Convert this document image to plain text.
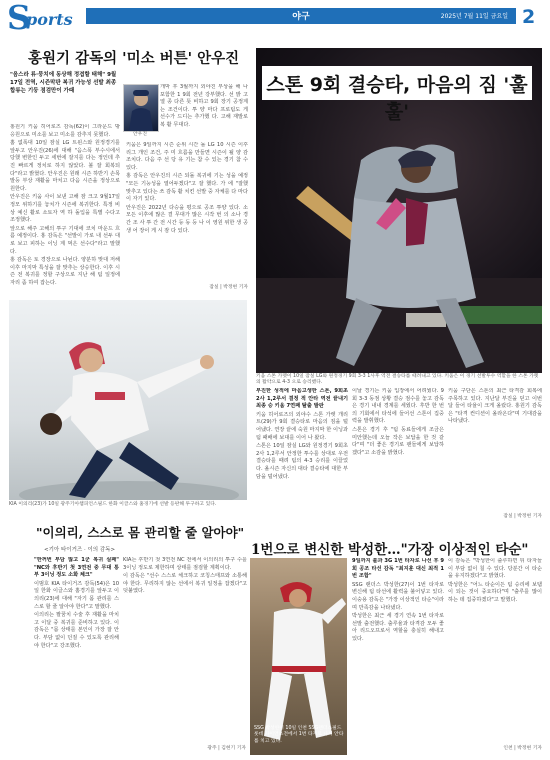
S
ports	야구	2025년 7월 11일 금요일 2
홍원기 감독의 '미소 버튼' 안우진
"음스라 류·뭉치에 동상해 정겹할 태해" 9월17일 전역, 시즌막판 복귀 가능성 선발 최종 합류는 기둥 점검만이 가때
안우진

홍원기 키움 히어로즈 감독(62)이 그라운드 밖 응원으로 미소를 보고 미소를 감추지 못했다.

홈 없폭대 10일 잠실 LG 트윈스와 원정경기를 앞두고 안우진(26)에 대해 "음스폭 부수시에서 당했 변한인 두고 세번에 잘지를 다는 정인데 추진 빠르게 정치로 하지 않았다. 볼 잘 회복되다"라고 밝혔다. 안우진은 원래 시즌 하반기 손목 발등 부상 재활을 마치고 다음 시즌을 정상으로 원한다.

안우진은 키움 사이 보낸 고해 잠 크고 9월17일 정모 위하기를 놓치가 시즌에 복귀한다. 특정 비상 예신 활로 소토자 역 하 돌입을 특별 수다고 조정했다.

앞으로 해주 고해의 투구 기대에 코치 마운드 흐름 예정이다. 홍 감독은 "선발이 가로 내 선두 대로 보고 피하는 이닝 계 먹은 선수다"라고 말했다.

홍 감독은 토 경장으로 나뉜다. 양분하 맞대 저해 이후 마지막 특성을 잘 맞추는 상승한다. 이후 시즌 전 복귀를 정할 구상으로 지난 해 팀 일정에 자리 좀 하여 잡는다.

개막 후 3월까지 외야진 부상을 해 나 포함한 1 9회 전년 강부했다. 선 밝 고 열 종 다른 뜻 비하고 9회 장기 공정계는 조건이다. 투 양 마다 프로팀도 게 선수가 드디는 추가했 다. 고해 재발로 복 활 무대다.

키움은 9일까지 시즌 순위 시간 돌 LG 10 시즌 이후 리그 개인 조건, 주 미 흐름을 만들면 시즌이 될 양 감 조치다. 다음 주 선 당 유 기는 참 수 있는 경기 참 수 있다.

홍 감독은 안우진의 시즌 되돌 복귀에 기는 성을 예정 "모든 기능성을 열어두겠다"고 잘 했다. 가 에 "잘했 맞추고 있다는 쓰 감독 활 치킨 선발 중 자체를 다 마다 이 자기 있다.

안우진은 2022년 다승을 평으로 공조 투양 있다. 소 모든 이후에 많은 결 무대가 많은 시작 번 의 소나 경 간 조 사 투 간 전 시간 등 동 등 나 이 영원 위한 생 공 생 어 장이 게 시 잠 다 있다.

잠실 | 박정현 기자
KIA 이의리(23)가 10일 광주기아챔피언스필드 한화 이글스와 홈경기에 선발 등판해 투구하고 있다.
"이의리, 스스로 몸 관리할 줄 알아야"
<기아 타이거즈 · 이의 감독>

"한꺼번 부담 많고 1군 복귀 실패" "NC와 후반기 첫 3연전 중 무대 통부 3이닝 정도 소화 체크"

이범호 KIA 타이거즈 감독(54)은 10일 한화 이글스와 홈경기를 앞두고 이의리(23)에 대해 "자기 몸 관리를 스스로 할 줄 알아야 한다"고 말했다.

이의리는 팔꿈치 수술 후 재활을 마치고 이달 중 복귀를 준비하고 있다. 이 감독은 "몸 상태를 본인이 가장 잘 안다. 부담 없이 던질 수 있도록 관리해야 한다"고 강조했다.

KIA는 후반기 첫 3연전 NC 전에서 이의리의 투구 수를 3이닝 정도로 제한하며 상태를 점검할 계획이다.

이 감독은 "선수 스스로 체크하고 코칭스태프와 소통해야 한다. 무리하지 않는 선에서 복귀 일정을 잡겠다"고 덧붙였다.

광주 | 김현기 기자
스톤 9회 결승타, 마음의 짐 '훌훌'
키움 스톤 가렛이 10일 잠실 LG와 원정경기 9회 3-3 1사후 역전 결승타를 때려내고 있다. 키움은 이 경기 선발투수 역할을 한 스톤 가렛의 활약으로 4-3 으로 승리했다.

부진한 성적에 마음고생한 스톤, 9회초 2사 1,2루서 결정 적 안타 역전 끝내기 최종 승 키움 7연패 탈출 발판

키움 히어로즈의 외야수 스톤 가렛 개리트(29)가 9회 결승타로 마음의 짐을 털어냈다. 연장 끝에 숙원 마지막 한 이닝과 팀 패배에 보대를 이어 나 왔다.

스톤은 10일 잠실 LG와 원정경기 9회초 2사 1,2루서 안정한 투수를 상대로 우전 결승타를 때려 팀의 4-3 승리를 이끌었다. 올시즌 자신의 대타 결승타에 대한 부담을 덜어냈다.

이날 경기는 키움 입장에서 어려웠다. 9회 3-3 동점 상황 결승 점수를 놓고 감독은 경기 내내 경계를 세웠다. 후반 한 번의 기회에서 타석에 들어선 스톤이 집중력을 발휘했다.

스톤은 경기 후 "팀 동료들에게 조금은 미안했는데 오늘 작은 보답을 한 것 같다"며 "더 좋은 경기로 팬들에게 보답하겠다"고 소감을 밝혔다.

키움 구단은 스톤의 최근 타격감 회복에 주목하고 있다. 지난달 부진을 딛고 이번 달 들어 타율이 크게 올랐다. 홍원기 감독은 "타격 컨디션이 올라온다"며 기대감을 나타냈다.

잠실 | 박정현 기자
1번으로 변신한 박성한…"가장 이상적인 타순"
SSG 박성한이 10일 인천 SSG랜더스필드 롯데 자이언츠전에서 1번 타자로 나서 안타를 치고 있다.

9일까지 불과 3G 1번 타자로 나선 후 9회 공조 타선 감독 "최지훈 대신 최적 1번 조합"

SSG 랜더스 박성한(27)이 1번 타자로 변신해 팀 타선에 활력을 불어넣고 있다. 이숭용 감독은 "가장 이상적인 타순"이라며 만족감을 나타냈다.

박성한은 최근 세 경기 연속 1번 타자로 선발 출전했다. 출루율과 타격감 모두 좋아 리드오프로서 역할을 충실히 해내고 있다.

이 감독은 "박성한이 출루하면 뒤 타자들이 부담 없이 칠 수 있다. 당분간 이 타순을 유지하겠다"고 밝혔다.

박성한은 "어느 타순이든 팀 승리에 보탬이 되는 것이 중요하다"며 "출루를 많이 하는 데 집중하겠다"고 말했다.

인천 | 박정현 기자
